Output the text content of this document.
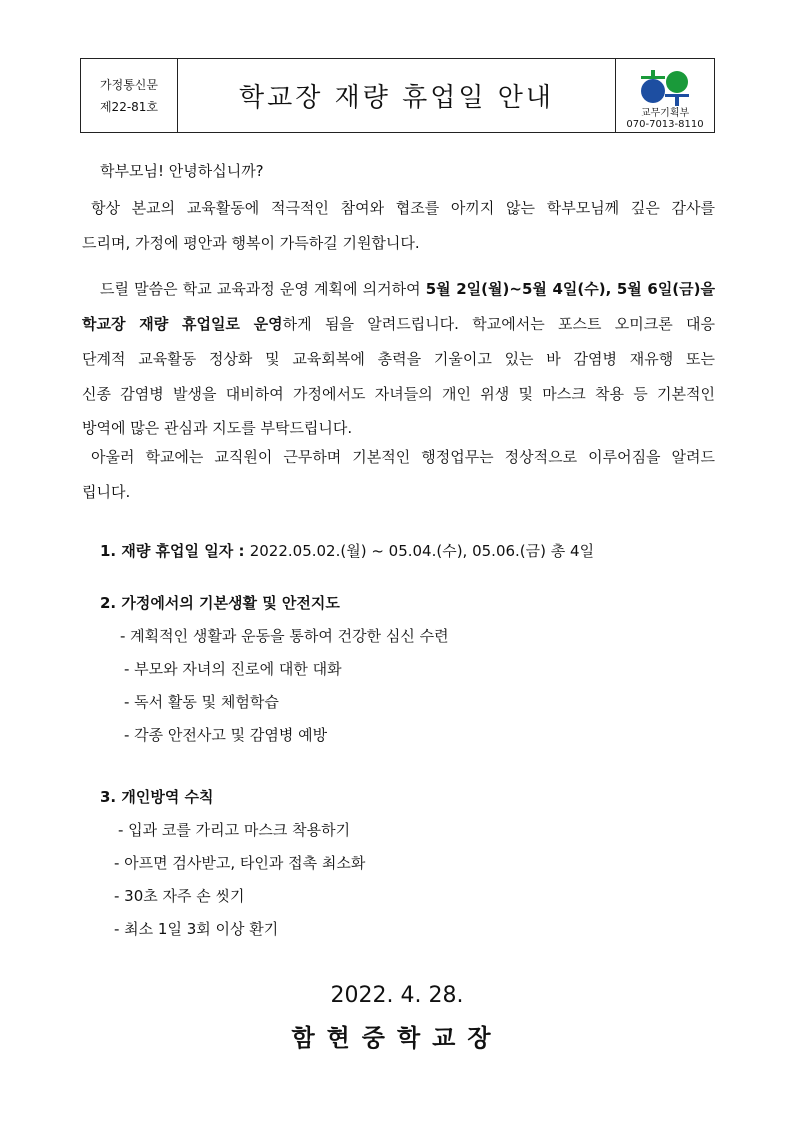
가정통신문
제22-81호	학교장 재량 휴업일 안내
교무기획부
070-7013-8110
학부모님! 안녕하십니까?
항상 본교의 교육활동에 적극적인 참여와 협조를 아끼지 않는 학부모님께 깊은 감사를
드리며, 가정에 평안과 행복이 가득하길 기원합니다.
드릴 말씀은 학교 교육과정 운영 계획에 의거하여 5월 2일(월)~5월 4일(수), 5월 6일(금)을
학교장 재량 휴업일로 운영하게 됨을 알려드립니다. 학교에서는 포스트 오미크론 대응
단계적 교육활동 정상화 및 교육회복에 총력을 기울이고 있는 바 감염병 재유행 또는
신종 감염병 발생을 대비하여 가정에서도 자녀들의 개인 위생 및 마스크 착용 등 기본적인
방역에 많은 관심과 지도를 부탁드립니다.
아울러 학교에는 교직원이 근무하며 기본적인 행정업무는 정상적으로 이루어짐을 알려드
립니다.
1. 재량 휴업일 일자 : 2022.05.02.(월) ~ 05.04.(수), 05.06.(금) 총 4일
2. 가정에서의 기본생활 및 안전지도
- 계획적인 생활과 운동을 통하여 건강한 심신 수련
- 부모와 자녀의 진로에 대한 대화
- 독서 활동 및 체험학습
- 각종 안전사고 및 감염병 예방
3. 개인방역 수칙
- 입과 코를 가리고 마스크 착용하기
- 아프면 검사받고, 타인과 접촉 최소화
- 30초 자주 손 씻기
- 최소 1일 3회 이상 환기
2022. 4. 28.
함현중학교장
